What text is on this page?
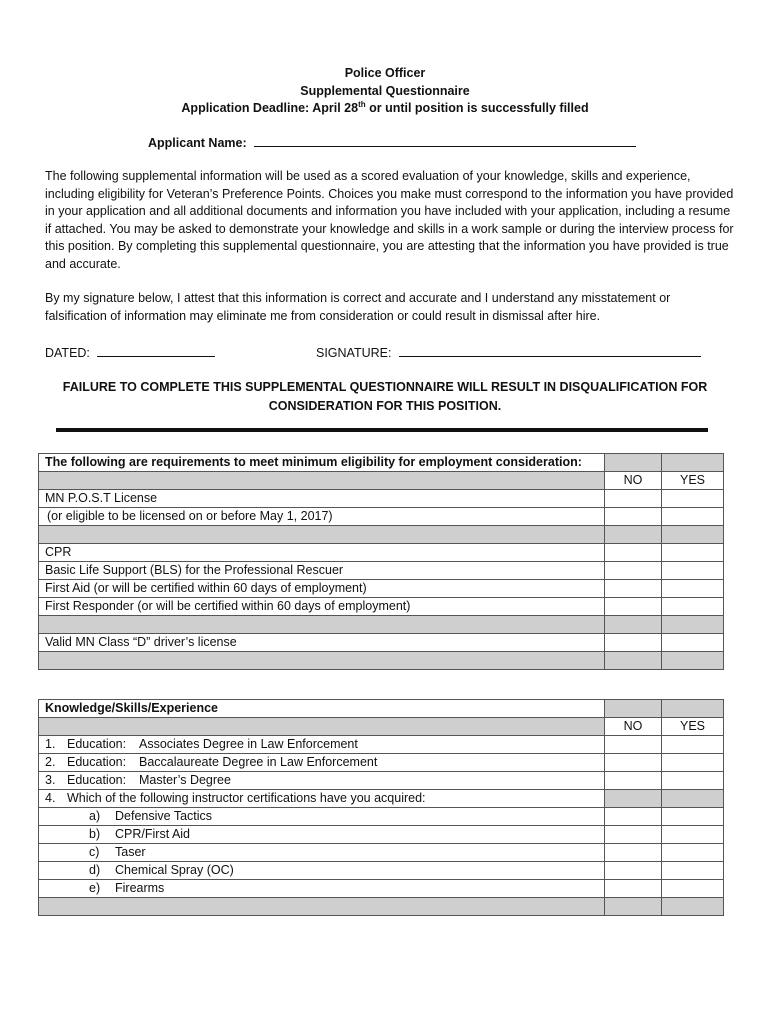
Police Officer
Supplemental Questionnaire
Application Deadline: April 28th or until position is successfully filled
Applicant Name:
The following supplemental information will be used as a scored evaluation of your knowledge, skills and experience, including eligibility for Veteran’s Preference Points. Choices you make must correspond to the information you have provided in your application and all additional documents and information you have included with your application, including a resume if attached. You may be asked to demonstrate your knowledge and skills in a work sample or during the interview process for this position. By completing this supplemental questionnaire, you are attesting that the information you have provided is true and accurate.
By my signature below, I attest that this information is correct and accurate and I understand any misstatement or falsification of information may eliminate me from consideration or could result in dismissal after hire.
DATED:	SIGNATURE:
FAILURE TO COMPLETE THIS SUPPLEMENTAL QUESTIONNAIRE WILL RESULT IN DISQUALIFICATION FOR CONSIDERATION FOR THIS POSITION.
The following are requirements to meet minimum eligibility for employment consideration:		
	NO	YES
MN P.O.S.T License		
(or eligible to be licensed on or before May 1, 2017)		

CPR		
Basic Life Support (BLS) for the Professional Rescuer		
First Aid (or will be certified within 60 days of employment)		
First Responder (or will be certified within 60 days of employment)		

Valid MN Class “D” driver’s license		

Knowledge/Skills/Experience		
	NO	YES
1. Education: Associates Degree in Law Enforcement		
2. Education: Baccalaureate Degree in Law Enforcement		
3. Education: Master’s Degree		
4. Which of the following instructor certifications have you acquired:		
a) Defensive Tactics		
b) CPR/First Aid		
c) Taser		
d) Chemical Spray (OC)		
e) Firearms		
